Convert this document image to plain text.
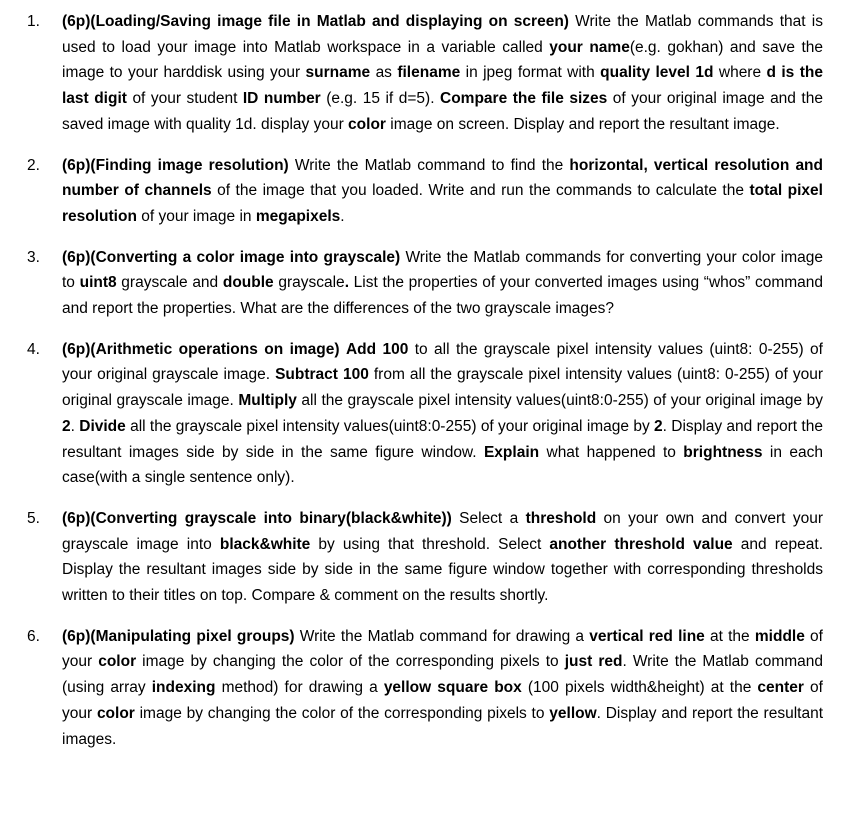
1.	(6p)(Loading/Saving image file in Matlab and displaying on screen) Write the Matlab commands that is used to load your image into Matlab workspace in a variable called your name(e.g. gokhan) and save the image to your harddisk using your surname as filename in jpeg format with quality level 1d where d is the last digit of your student ID number (e.g. 15 if d=5). Compare the file sizes of your original image and the saved image with quality 1d. display your color image on screen. Display and report the resultant image.
2.	(6p)(Finding image resolution) Write the Matlab command to find the horizontal, vertical resolution and number of channels of the image that you loaded. Write and run the commands to calculate the total pixel resolution of your image in megapixels.
3.	(6p)(Converting a color image into grayscale) Write the Matlab commands for converting your color image to uint8 grayscale and double grayscale. List the properties of your converted images using “whos” command and report the properties. What are the differences of the two grayscale images?
4.	(6p)(Arithmetic operations on image) Add 100 to all the grayscale pixel intensity values (uint8: 0-255) of your original grayscale image. Subtract 100 from all the grayscale pixel intensity values (uint8: 0-255) of your original grayscale image. Multiply all the grayscale pixel intensity values(uint8:0-255) of your original image by 2. Divide all the grayscale pixel intensity values(uint8:0-255) of your original image by 2. Display and report the resultant images side by side in the same figure window. Explain what happened to brightness in each case(with a single sentence only).
5.	(6p)(Converting grayscale into binary(black&white)) Select a threshold on your own and convert your grayscale image into black&white by using that threshold. Select another threshold value and repeat. Display the resultant images side by side in the same figure window together with corresponding thresholds written to their titles on top. Compare & comment on the results shortly.
6.	(6p)(Manipulating pixel groups) Write the Matlab command for drawing a vertical red line at the middle of your color image by changing the color of the corresponding pixels to just red. Write the Matlab command (using array indexing method) for drawing a yellow square box (100 pixels width&height) at the center of your color image by changing the color of the corresponding pixels to yellow. Display and report the resultant images.
